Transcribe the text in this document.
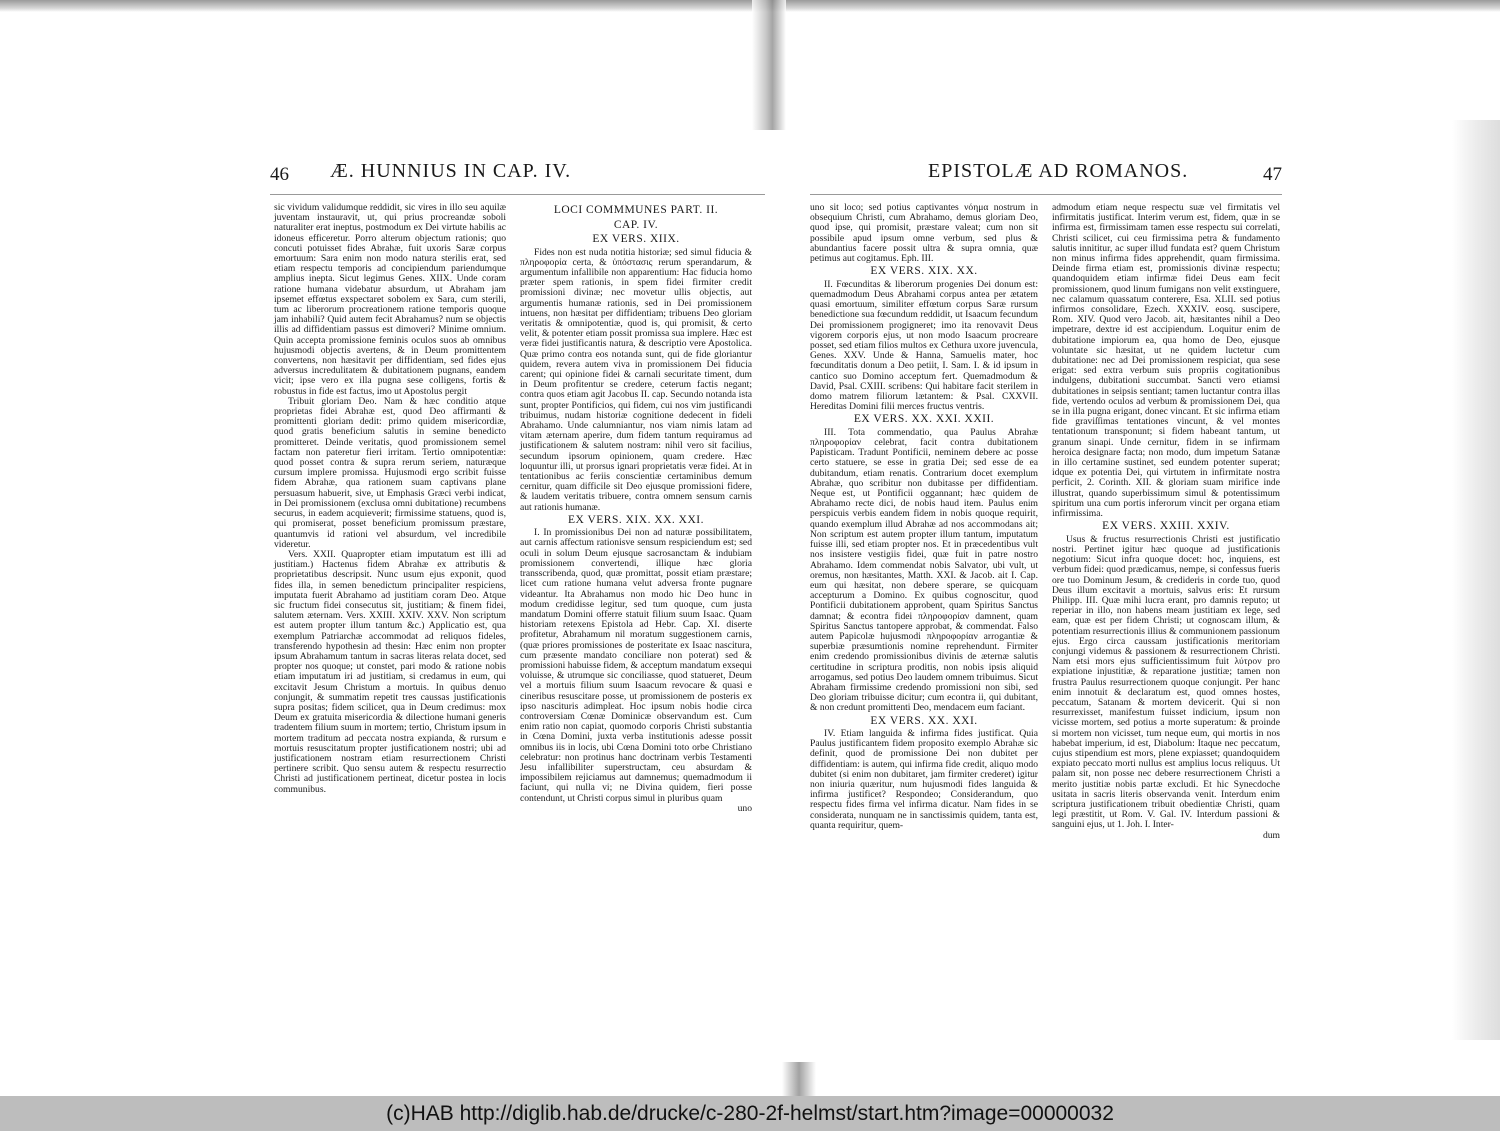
46 Æ. HUNNIUS IN CAP. IV.

sic vividum validumque reddidit, sic vires in illo seu aquilæ juventam instauravit, ut, qui prius procreandæ soboli naturaliter erat ineptus, postmodum ex Dei virtute habilis ac idoneus efficeretur. Porro alterum objectum rationis; quo concuti potuisset fides Abrahæ, fuit uxoris Saræ corpus emortuum: Sara enim non modo natura sterilis erat, sed etiam respectu temporis ad concipiendum pariendumque amplius inepta. Sicut legimus Genes. XIIX. Unde coram ratione humana videbatur absurdum, ut Abraham jam ipsemet effœtus exspectaret sobolem ex Sara, cum sterili, tum ac liberorum procreationem ratione temporis quoque jam inhabili? Quid autem fecit Abrahamus? num se objectis illis ad diffidentiam passus est dimoveri? Minime omnium. Quin accepta promissione feminis oculos suos ab omnibus hujusmodi objectis avertens, & in Deum promittentem convertens, non hæsitavit per diffidentiam, sed fides ejus adversus incredulitatem & dubitationem pugnans, eandem vicit; ipse vero ex illa pugna sese colligens, fortis & robustus in fide est factus, imo ut Apostolus pergit

Tribuit gloriam Deo. Nam & hæc conditio atque proprietas fidei Abrahæ est, quod Deo affirmanti & promittenti gloriam dedit: primo quidem misericordiæ, quod gratis beneficium salutis in semine benedicto promitteret. Deinde veritatis, quod promissionem semel factam non pateretur fieri irritam. Tertio omnipotentiæ: quod posset contra & supra rerum seriem, naturæque cursum implere promissa. Hujusmodi ergo scribit fuisse fidem Abrahæ, qua rationem suam captivans plane persuasum habuerit, sive, ut Emphasis Græci verbi indicat, in Dei promissionem (exclusa omni dubitatione) recumbens securus, in eadem acquieverit; firmissime statuens, quod is, qui promiserat, posset beneficium promissum præstare, quantumvis id rationi vel absurdum, vel incredibile videretur.

Vers. XXII. Quapropter etiam imputatum est illi ad justitiam.) Hactenus fidem Abrahæ ex attributis & proprietatibus descripsit. Nunc usum ejus exponit, quod fides illa, in semen benedictum principaliter respiciens, imputata fuerit Abrahamo ad justitiam coram Deo. Atque sic fructum fidei consecutus sit, justitiam; & finem fidei, salutem æternam. Vers. XXIII. XXIV. XXV. Non scriptum est autem propter illum tantum &c.) Applicatio est, qua exemplum Patriarchæ accommodat ad reliquos fideles, transferendo hypothesin ad thesin: Hæc enim non propter ipsum Abrahamum tantum in sacras literas relata docet, sed propter nos quoque; ut constet, pari modo & ratione nobis etiam imputatum iri ad justitiam, si credamus in eum, qui excitavit Jesum Christum a mortuis. In quibus denuo conjungit, & summatim repetit tres caussas justificationis supra positas; fidem scilicet, qua in Deum credimus: mox Deum ex gratuita misericordia & dilectione humani generis tradentem filium suum in mortem; tertio, Christum ipsum in mortem traditum ad peccata nostra expianda, & rursum e mortuis resuscitatum propter justificationem nostri; ubi ad justificationem nostram etiam resurrectionem Christi pertinere scribit. Quo sensu autem & respectu resurrectio Christi ad justificationem pertineat, dicetur postea in locis communibus.

LOCI COMMMUNES PART. II.
CAP. IV.
EX VERS. XIIX.

Fides non est nuda notitia historiæ; sed simul fiducia & πληροφορία certa, & ὑπόστασις rerum sperandarum, & argumentum infallibile non apparentium: Hac fiducia homo præter spem rationis, in spem fidei firmiter credit promissioni divinæ; nec movetur ullis objectis, aut argumentis humanæ rationis, sed in Dei promissionem intuens, non hæsitat per diffidentiam; tribuens Deo gloriam veritatis & omnipotentiæ, quod is, qui promisit, & certo velit, & potenter etiam possit promissa sua implere. Hæc est veræ fidei justificantis natura, & descriptio vere Apostolica. Quæ primo contra eos notanda sunt, qui de fide gloriantur quidem, revera autem viva in promissionem Dei fiducia carent; qui opinione fidei & carnali securitate timent, dum in Deum profitentur se credere, ceterum factis negant; contra quos etiam agit Jacobus II. cap. Secundo notanda ista sunt, propter Pontificios, qui fidem, cui nos vim justificandi tribuimus, nudam historiæ cognitione dedecent in fideli Abrahamo. Unde calumniantur, nos viam nimis latam ad vitam æternam aperire, dum fidem tantum requiramus ad justificationem & salutem nostram: nihil vero sit facilius, secundum ipsorum opinionem, quam credere. Hæc loquuntur illi, ut prorsus ignari proprietatis veræ fidei. At in tentationibus ac feriis conscientiæ certaminibus demum cernitur, quam difficile sit Deo ejusque promissioni fidere, & laudem veritatis tribuere, contra omnem sensum carnis aut rationis humanæ.

EX VERS. XIX. XX. XXI.

I. In promissionibus Dei non ad naturæ possibilitatem, aut carnis affectum rationisve sensum respiciendum est; sed oculi in solum Deum ejusque sacrosanctam & indubiam promissionem convertendi, illique hæc gloria transscribenda, quod, quæ promittat, possit etiam præstare; licet cum ratione humana velut adversa fronte pugnare videantur. Ita Abrahamus non modo hic Deo hunc in modum credidisse legitur, sed tum quoque, cum justa mandatum Domini offerre statuit filium suum Isaac. Quam historiam retexens Epistola ad Hebr. Cap. XI. diserte profitetur, Abrahamum nil moratum suggestionem carnis, (quæ priores promissiones de posteritate ex Isaac nascitura, cum præsente mandato conciliare non poterat) sed & promissioni habuisse fidem, & acceptum mandatum exsequi voluisse, & utrumque sic conciliasse, quod statueret, Deum vel a mortuis filium suum Isaacum revocare & quasi e cineribus resuscitare posse, ut promissionem de posteris ex ipso nascituris adimpleat. Hoc ipsum nobis hodie circa controversiam Cœnæ Dominicæ observandum est. Cum enim ratio non capiat, quomodo corporis Christi substantia in Cœna Domini, juxta verba institutionis adesse possit omnibus iis in locis, ubi Cœna Domini toto orbe Christiano celebratur: non protinus hanc doctrinam verbis Testamenti Jesu infallibiliter superstructam, ceu absurdam & impossibilem rejiciamus aut damnemus; quemadmodum ii faciunt, qui nulla vi; ne Divina quidem, fieri posse contendunt, ut Christi corpus simul in pluribus quam

uno

EPISTOLÆ AD ROMANOS.	47

uno sit loco; sed potius captivantes νόημα nostrum in obsequium Christi, cum Abrahamo, demus gloriam Deo, quod ipse, qui promisit, præstare valeat; cum non sit possibile apud ipsum omne verbum, sed plus & abundantius facere possit ultra & supra omnia, quæ petimus aut cogitamus. Eph. III.

EX VERS. XIX. XX.

II. Fœcunditas & liberorum progenies Dei donum est: quemadmodum Deus Abrahami corpus antea per ætatem quasi emortuum, similiter effœtum corpus Saræ rursum benedictione sua fœcundum reddidit, ut Isaacum fecundum Dei promissionem progigneret; imo ita renovavit Deus vigorem corporis ejus, ut non modo Isaacum procreare posset, sed etiam filios multos ex Cethura uxore juvencula, Genes. XXV. Unde & Hanna, Samuelis mater, hoc fœcunditatis donum a Deo petiit, I. Sam. I. & id ipsum in cantico suo Domino acceptum fert. Quemadmodum & David, Psal. CXIII. scribens: Qui habitare facit sterilem in domo matrem filiorum lætantem: & Psal. CXXVII. Hereditas Domini filii merces fructus ventris.

EX VERS. XX. XXI. XXII.

III. Tota commendatio, qua Paulus Abrahæ πληροφορίαν celebrat, facit contra dubitationem Papisticam. Tradunt Pontificii, neminem debere ac posse certo statuere, se esse in gratia Dei; sed esse de ea dubitandum, etiam renatis. Contrarium docet exemplum Abrahæ, quo scribitur non dubitasse per diffidentiam. Neque est, ut Pontificii oggannant; hæc quidem de Abrahamo recte dici, de nobis haud item. Paulus enim perspicuis verbis eandem fidem in nobis quoque requirit, quando exemplum illud Abrahæ ad nos accommodans ait; Non scriptum est autem propter illum tantum, imputatum fuisse illi, sed etiam propter nos. Et in præcedentibus vult nos insistere vestigiis fidei, quæ fuit in patre nostro Abrahamo. Idem commendat nobis Salvator, ubi vult, ut oremus, non hæsitantes, Matth. XXI. & Jacob. ait I. Cap. eum qui hæsitat, non debere sperare, se quicquam accepturum a Domino. Ex quibus cognoscitur, quod Pontificii dubitationem approbent, quam Spiritus Sanctus damnat; & econtra fidei πληροφορίαν damnent, quam Spiritus Sanctus tantopere approbat, & commendat. Falso autem Papicolæ hujusmodi πληροφορίαν arrogantiæ & superbiæ præsumtionis nomine reprehendunt. Firmiter enim credendo promissionibus divinis de æternæ salutis certitudine in scriptura proditis, non nobis ipsis aliquid arrogamus, sed potius Deo laudem omnem tribuimus. Sicut Abraham firmissime credendo promissioni non sibi, sed Deo gloriam tribuisse dicitur; cum econtra ii, qui dubitant, & non credunt promittenti Deo, mendacem eum faciant.

EX VERS. XX. XXI.

IV. Etiam languida & infirma fides justificat. Quia Paulus justificantem fidem proposito exemplo Abrahæ sic definit, quod de promissione Dei non dubitet per diffidentiam: is autem, qui infirma fide credit, aliquo modo dubitet (si enim non dubitaret, jam firmiter crederet) igitur non iniuria quæritur, num hujusmodi fides languida & infirma justificet? Respondeo; Considerandum, quo respectu fides firma vel infirma dicatur. Nam fides in se considerata, nunquam ne in sanctissimis quidem, tanta est, quanta requiritur, quem-

admodum etiam neque respectu suæ vel firmitatis vel infirmitatis justificat. Interim verum est, fidem, quæ in se infirma est, firmissimam tamen esse respectu sui correlati, Christi scilicet, cui ceu firmissima petra & fundamento salutis innititur, ac super illud fundata est? quem Christum non minus infirma fides apprehendit, quam firmissima. Deinde firma etiam est, promissionis divinæ respectu; quandoquidem etiam infirmæ fidei Deus eam fecit promissionem, quod linum fumigans non velit exstinguere, nec calamum quassatum conterere, Esa. XLII. sed potius infirmos consolidare, Ezech. XXXIV. eosq. suscipere, Rom. XIV. Quod vero Jacob. ait, hæsitantes nihil a Deo impetrare, dextre id est accipiendum. Loquitur enim de dubitatione impiorum ea, qua homo de Deo, ejusque voluntate sic hæsitat, ut ne quidem luctetur cum dubitatione: nec ad Dei promissionem respiciat, qua sese erigat: sed extra verbum suis propriis cogitationibus indulgens, dubitationi succumbat. Sancti vero etiamsi dubitationes in seipsis sentiant; tamen luctantur contra illas fide, vertendo oculos ad verbum & promissionem Dei, qua se in illa pugna erigant, donec vincant. Et sic infirma etiam fide graviſſimas tentationes vincunt, & vel montes tentationum transponunt; si fidem habeant tantum, ut granum sinapi. Unde cernitur, fidem in se infirmam heroica designare facta; non modo, dum impetum Satanæ in illo certamine sustinet, sed eundem potenter superat; idque ex potentia Dei, qui virtutem in infirmitate nostra perficit, 2. Corinth. XII. & gloriam suam mirifice inde illustrat, quando superbissimum simul & potentissimum spiritum una cum portis inferorum vincit per organa etiam infirmissima.

EX VERS. XXIII. XXIV.

Usus & fructus resurrectionis Christi est justificatio nostri. Pertinet igitur hæc quoque ad justificationis negotium: Sicut infra quoque docet: hoc, inquiens, est verbum fidei: quod prædicamus, nempe, si confessus fueris ore tuo Dominum Jesum, & credideris in corde tuo, quod Deus illum excitavit a mortuis, salvus eris: Et rursum Philipp. III. Quæ mihi lucra erant, pro damnis reputo; ut reperiar in illo, non habens meam justitiam ex lege, sed eam, quæ est per fidem Christi; ut cognoscam illum, & potentiam resurrectionis illius & communionem passionum ejus. Ergo circa caussam justificationis meritoriam conjungi videmus & passionem & resurrectionem Christi. Nam etsi mors ejus sufficientissimum fuit λύτρον pro expiatione injustitiæ, & reparatione justitiæ; tamen non frustra Paulus resurrectionem quoque conjungit. Per hanc enim innotuit & declaratum est, quod omnes hostes, peccatum, Satanam & mortem devicerit. Qui si non resurrexisset, manifestum fuisset indicium, ipsum non vicisse mortem, sed potius a morte superatum: & proinde si mortem non vicisset, tum neque eum, qui mortis in nos habebat imperium, id est, Diabolum: Itaque nec peccatum, cujus stipendium est mors, plene expiasset; quandoquidem expiato peccato morti nullus est amplius locus reliquus. Ut palam sit, non posse nec debere resurrectionem Christi a merito justitiæ nobis partæ excludi. Et hic Synecdoche usitata in sacris literis observanda venit. Interdum enim scriptura justificationem tribuit obedientiæ Christi, quam legi præstitit, ut Rom. V. Gal. IV. Interdum passioni & sanguini ejus, ut 1. Joh. I. Inter-

dum

(c)HAB http://diglib.hab.de/drucke/c-280-2f-helmst/start.htm?image=00000032
